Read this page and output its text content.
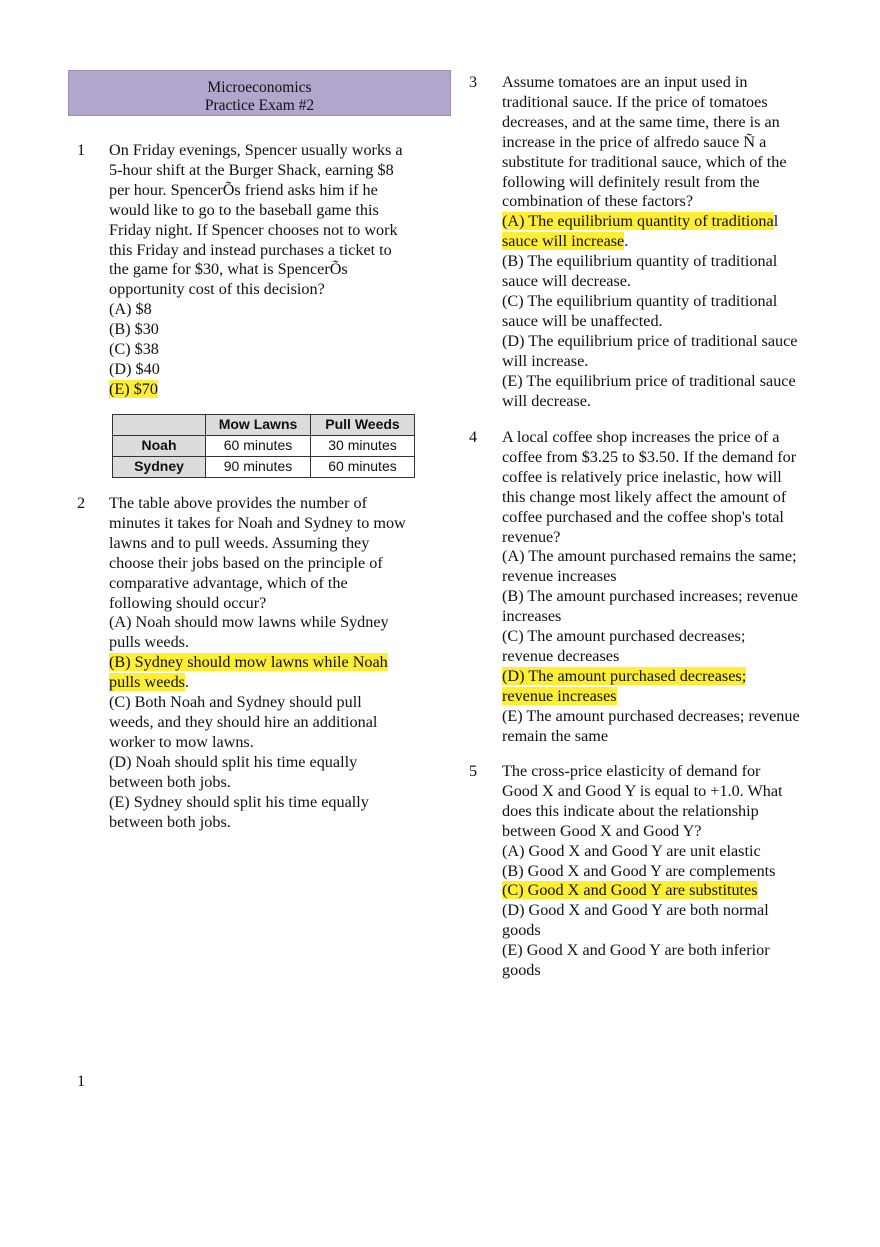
Microeconomics
Practice Exam #2
1 On Friday evenings, Spencer usually works a
5-hour shift at the Burger Shack, earning $8
per hour. SpencerÕs friend asks him if he
would like to go to the baseball game this
Friday night. If Spencer chooses not to work
this Friday and instead purchases a ticket to
the game for $30, what is SpencerÕs
opportunity cost of this decision?
(A) $8
(B) $30
(C) $38
(D) $40
(E) $70
	Mow Lawns	Pull Weeds
Noah	60 minutes	30 minutes
Sydney	90 minutes	60 minutes
2 The table above provides the number of
minutes it takes for Noah and Sydney to mow
lawns and to pull weeds. Assuming they
choose their jobs based on the principle of
comparative advantage, which of the
following should occur?
(A) Noah should mow lawns while Sydney
pulls weeds.
(B) Sydney should mow lawns while Noah
pulls weeds.
(C) Both Noah and Sydney should pull
weeds, and they should hire an additional
worker to mow lawns.
(D) Noah should split his time equally
between both jobs.
(E) Sydney should split his time equally
between both jobs.
3 Assume tomatoes are an input used in
traditional sauce. If the price of tomatoes
decreases, and at the same time, there is an
increase in the price of alfredo sauce Ñ a
substitute for traditional sauce, which of the
following will definitely result from the
combination of these factors?
(A) The equilibrium quantity of traditional
sauce will increase.
(B) The equilibrium quantity of traditional
sauce will decrease.
(C) The equilibrium quantity of traditional
sauce will be unaffected.
(D) The equilibrium price of traditional sauce
will increase.
(E) The equilibrium price of traditional sauce
will decrease.
4 A local coffee shop increases the price of a
coffee from $3.25 to $3.50. If the demand for
coffee is relatively price inelastic, how will
this change most likely affect the amount of
coffee purchased and the coffee shop's total
revenue?
(A) The amount purchased remains the same;
revenue increases
(B) The amount purchased increases; revenue
increases
(C) The amount purchased decreases;
revenue decreases
(D) The amount purchased decreases;
revenue increases
(E) The amount purchased decreases; revenue
remain the same
5 The cross-price elasticity of demand for
Good X and Good Y is equal to +1.0. What
does this indicate about the relationship
between Good X and Good Y?
(A) Good X and Good Y are unit elastic
(B) Good X and Good Y are complements
(C) Good X and Good Y are substitutes
(D) Good X and Good Y are both normal
goods
(E) Good X and Good Y are both inferior
goods
1
